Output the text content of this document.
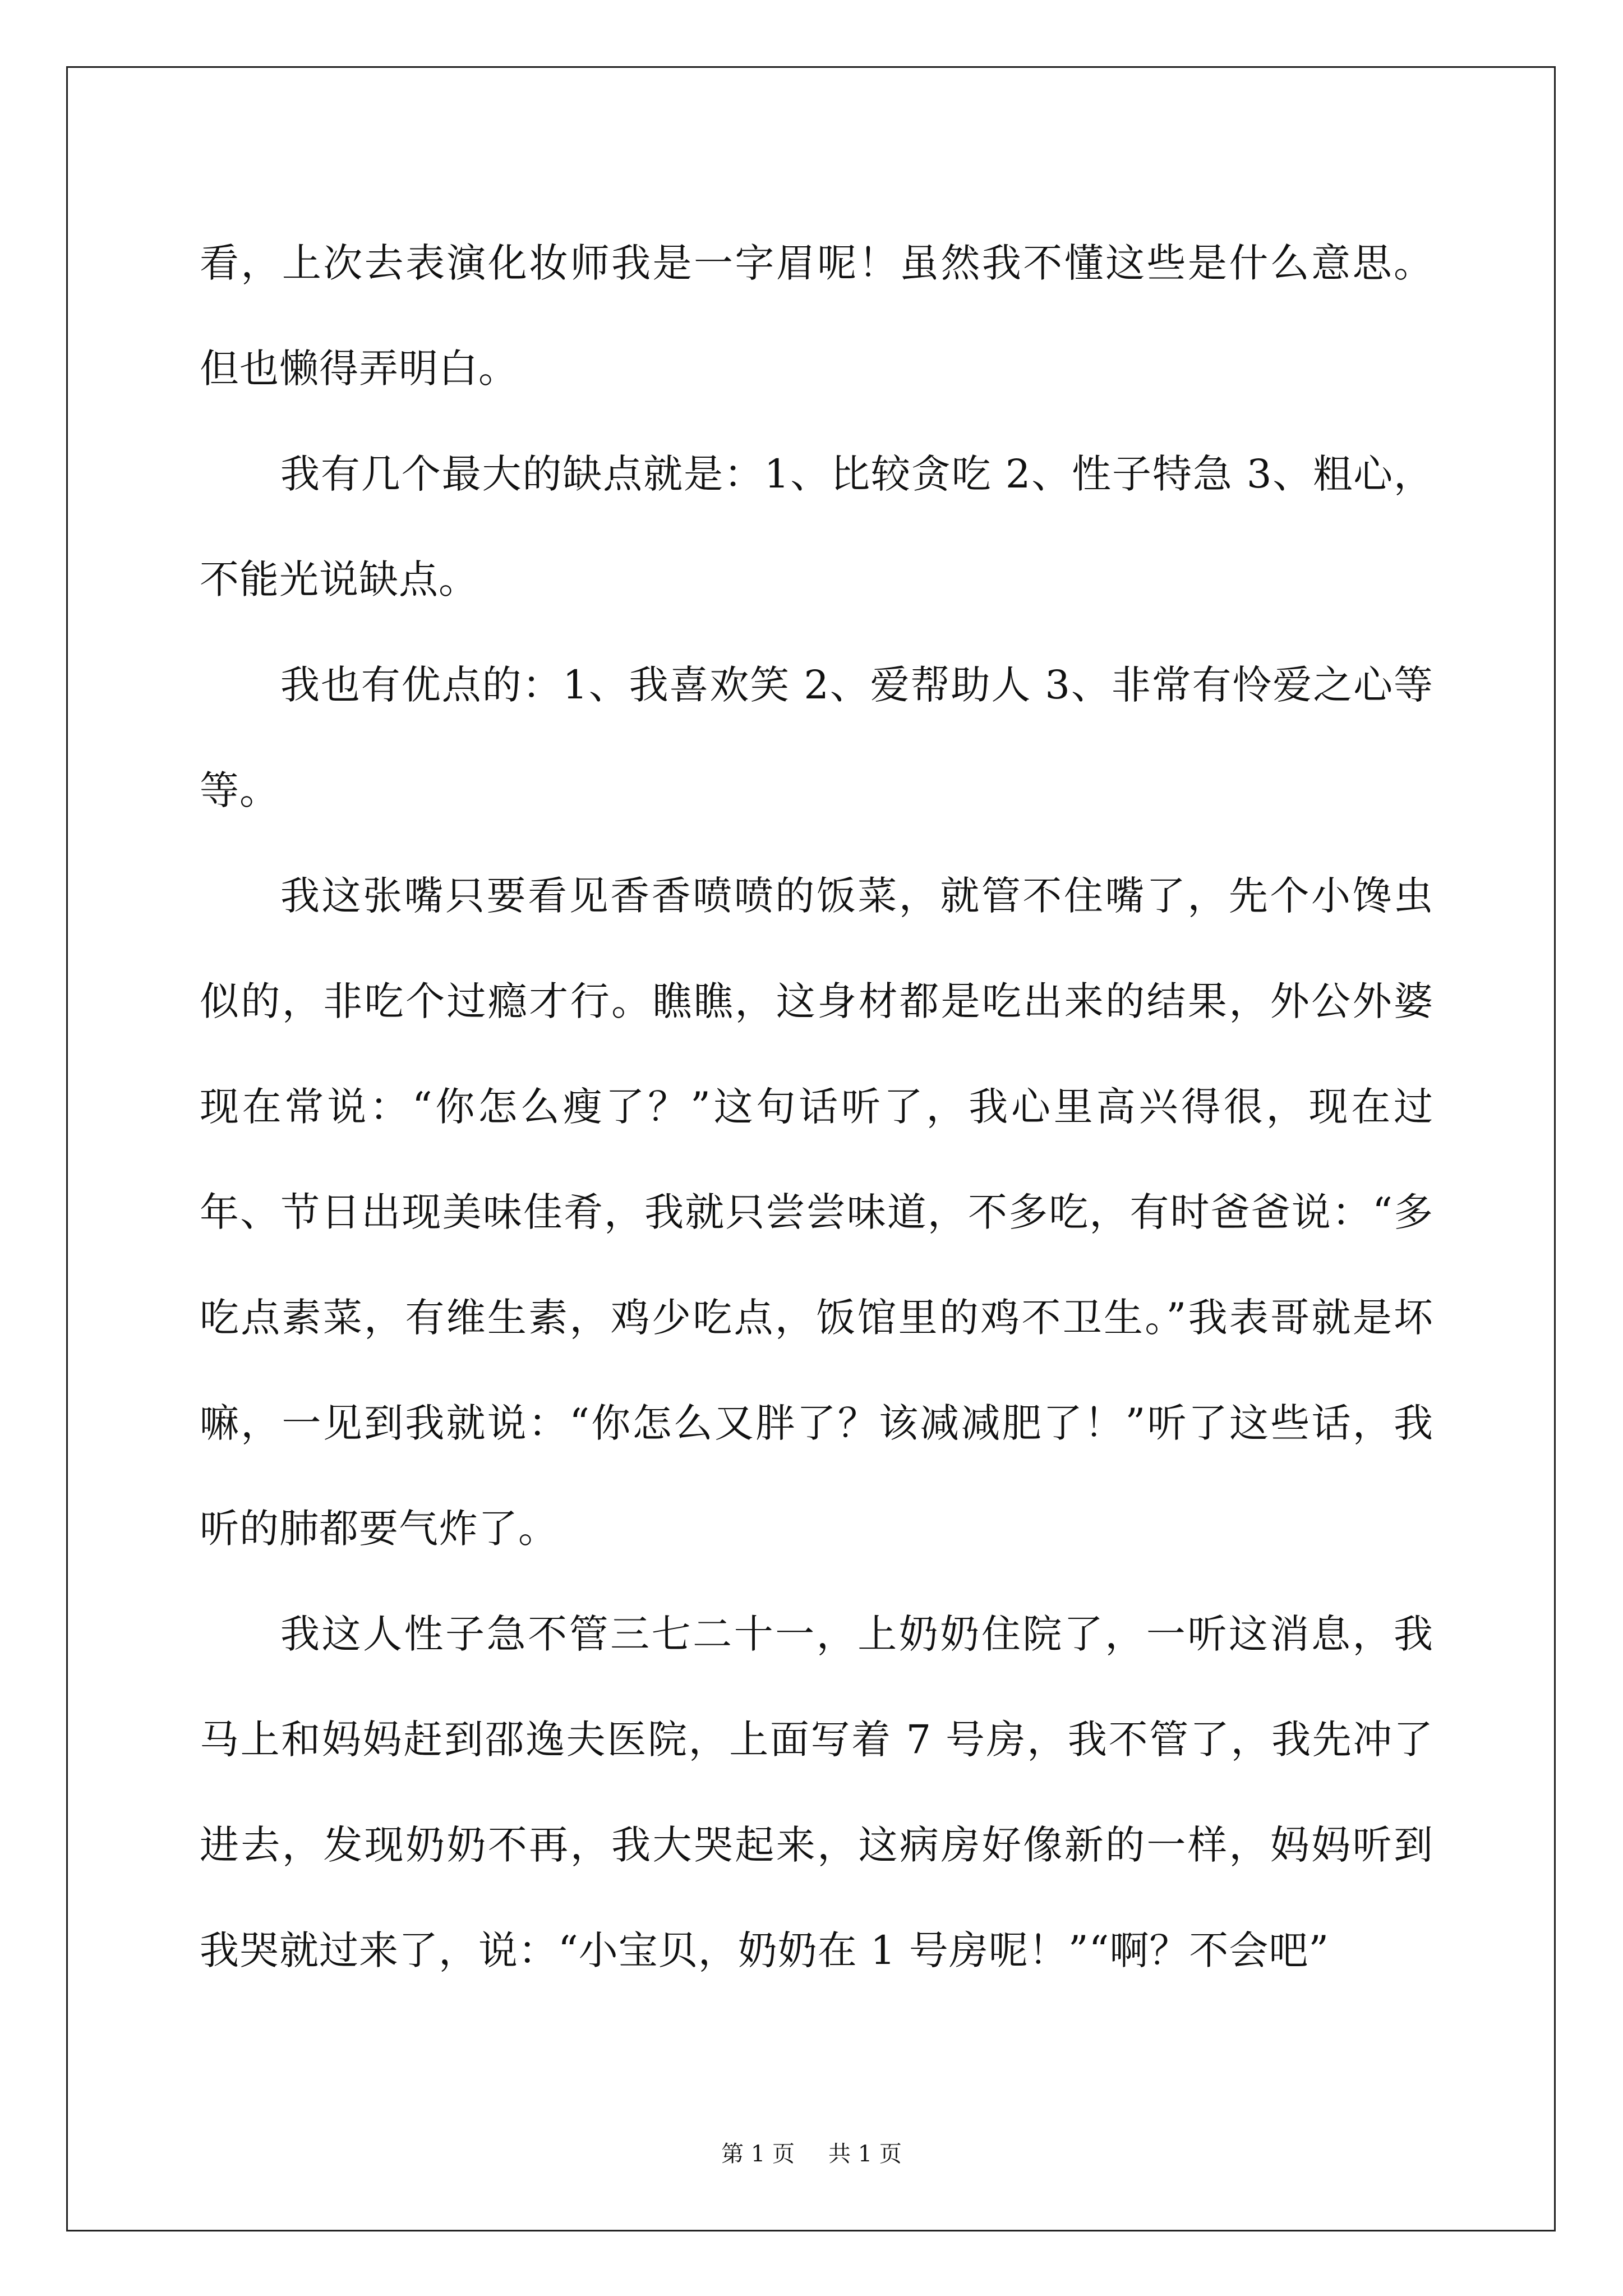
看，上次去表演化妆师我是一字眉呢！虽然我不懂这些是什么意思。但也懒得弄明白。

我有几个最大的缺点就是：1、比较贪吃 2、性子特急 3、粗心，不能光说缺点。

我也有优点的：1、我喜欢笑 2、爱帮助人 3、非常有怜爱之心等等。

我这张嘴只要看见香香喷喷的饭菜，就管不住嘴了，先个小馋虫似的，非吃个过瘾才行。瞧瞧，这身材都是吃出来的结果，外公外婆现在常说：“你怎么瘦了？”这句话听了，我心里高兴得很，现在过年、节日出现美味佳肴，我就只尝尝味道，不多吃，有时爸爸说：“多吃点素菜，有维生素，鸡少吃点，饭馆里的鸡不卫生。”我表哥就是坏嘛，一见到我就说：“你怎么又胖了？该减减肥了！”听了这些话，我听的肺都要气炸了。

我这人性子急不管三七二十一，上奶奶住院了，一听这消息，我马上和妈妈赶到邵逸夫医院，上面写着 7 号房，我不管了，我先冲了进去，发现奶奶不再，我大哭起来，这病房好像新的一样，妈妈听到我哭就过来了，说：“小宝贝，奶奶在 1 号房呢！”“啊？不会吧”

第 1 页 共 1 页
